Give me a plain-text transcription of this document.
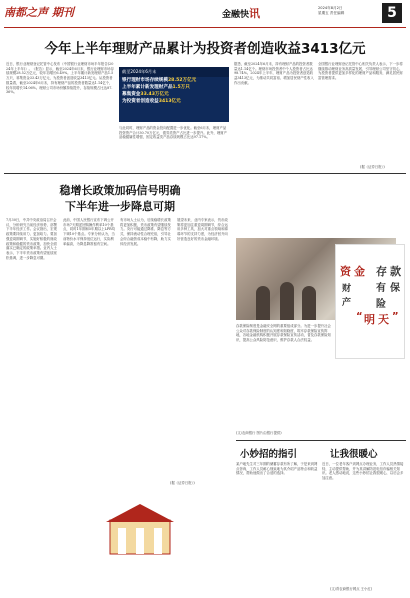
南都之声 期刊	金融快讯	2024年8月2日
星期五 责任编辑	5
今年上半年理财产品累计为投资者创造收益3413亿元
近日，银行业理财登记托管中心发布《中国银行业理财市场半年报告(2024年上半年)》。《报告》显示，截至2024年6月末，银行业理财市场存续规模28.52万亿元，较年初增长6.49%。上半年累计新发理财产品1.5万只，募集资金33.43万亿元，为投资者创造收益3413亿元。从投资者数量看，截至2024年6月末，持有理财产品的投资者数量达1.14亿个，较年初增长14.06%。理财公司市场份额持续提升，存续规模占比达87.36%。
截至2024年6月末
银行理财市场存续规模28.52万亿元
上半年累计新发理财产品1.5万只
募集资金33.43万亿元
为投资者创造收益3413亿元
与此同时，理财产品的资金投向配置进一步优化。截至6月末，理财产品投资资产合计30.70万亿元，债券类资产占比进一步提升。此外，理财产品稳健属性增强，固定收益类产品存续规模占比达97.17%。
据悉，截至2024年6月末，持有理财产品的投资者数量达1.14亿个。理财市场投资者中个人投资者占比达98.74%。2024年上半年，理财产品为投资者创造收益3413亿元，为推动共同富裕、增加居民财产性收入作出贡献。
全国银行业理财登记托管中心相关负责人表示，下一步将继续推动理财业务高质量发展，引导理财公司坚守初心，为投资者提供更加多样化的理财产品和服务，满足居民财富管理需求。
(据《证券日报》)
稳增长政策加码信号明确
下半年进一步降息可期
7月30日，中共中央政治局召开会议，分析研究当前经济形势，部署下半年经济工作。会议指出，宏观政策要持续用力、更加给力。要加强逆周期调节，实施好积极的财政政策和稳健的货币政策，加快全面落实已确定的政策举措。业内人士表示，下半年货币政策有望延续宽松基调，进一步降息可期。
此前，中国人民银行宣布下调公开市场7天期逆回购操作利率10个基点，同时1年期和5年期以上LPR均下调10个基点。专家分析认为，当前物价水平保持低位运行，实际利率偏高，为降息降准留有空间。
有市场人士认为，后续稳增长政策将更加积极，货币政策有望继续发力。央行可能通过降准、降息等方式，保持流动性合理充裕，引导社会综合融资成本稳中有降，助力实体经济发展。
展望未来，业内专家表示，货币政策将更加注重逆周期调节，综合运用多种工具，加大对重点领域和薄弱环节的支持力度，为经济回升向好营造良好的货币金融环境。
(据《证券日报》)
资 金
财
产
存 款
有 保
险
“ 明 天 ”
存款保险制度是金融安全网的重要组成部分。为进一步提升社会公众对存款保险制度的认知度和知晓度，筑牢存款保险宣传阵地，各地金融机构积极开展存款保险宣传活动，普及存款保险知识，提高公众风险防范意识，维护存款人合法权益。
(文/农商银行 图片由银行提供)
小妙招的指引	让我很暖心
某户地先生对三年期的储蓄存款有所了解，于是来到网点咨询，工作人员耐心细致地为其介绍产品特点和收益情况，帮助他做出了合适的选择。
近日，一位老年客户到网点办理业务，工作人员热情接待，主动提供帮助，并为其讲解防范电信诈骗相关知识。老人感动地说，这些小妙招让我很暖心，以后会多加注意。
(文/青农商银行网点 王小红)
